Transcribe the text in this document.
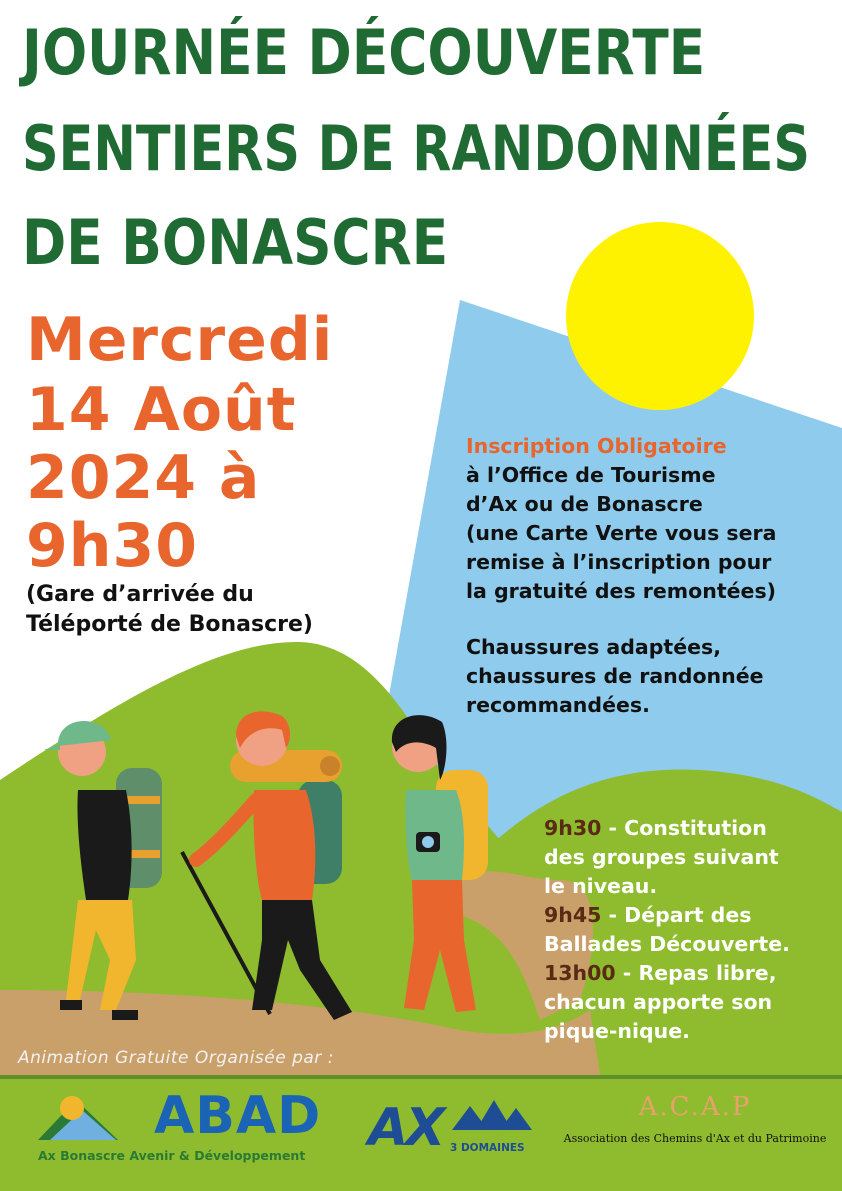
JOURNÉE DÉCOUVERTE
SENTIERS DE RANDONNÉES
DE BONASCRE
Mercredi
14 Août
2024 à
9h30
(Gare d’arrivée du
Téléporté de Bonascre)
Inscription Obligatoire
à l’Office de Tourisme
d’Ax ou de Bonascre
(une Carte Verte vous sera
remise à l’inscription pour
la gratuité des remontées)
Chaussures adaptées,
chaussures de randonnée
recommandées.
9h30 - Constitution
des groupes suivant
le niveau.
9h45 - Départ des
Ballades Découverte.
13h00 - Repas libre,
chacun apporte son
pique-nique.
Animation Gratuite Organisée par :
ABAD
Ax Bonascre Avenir & Développement AX 3 DOMAINES
A.C.A.P
Association des Chemins d'Ax et du Patrimoine
